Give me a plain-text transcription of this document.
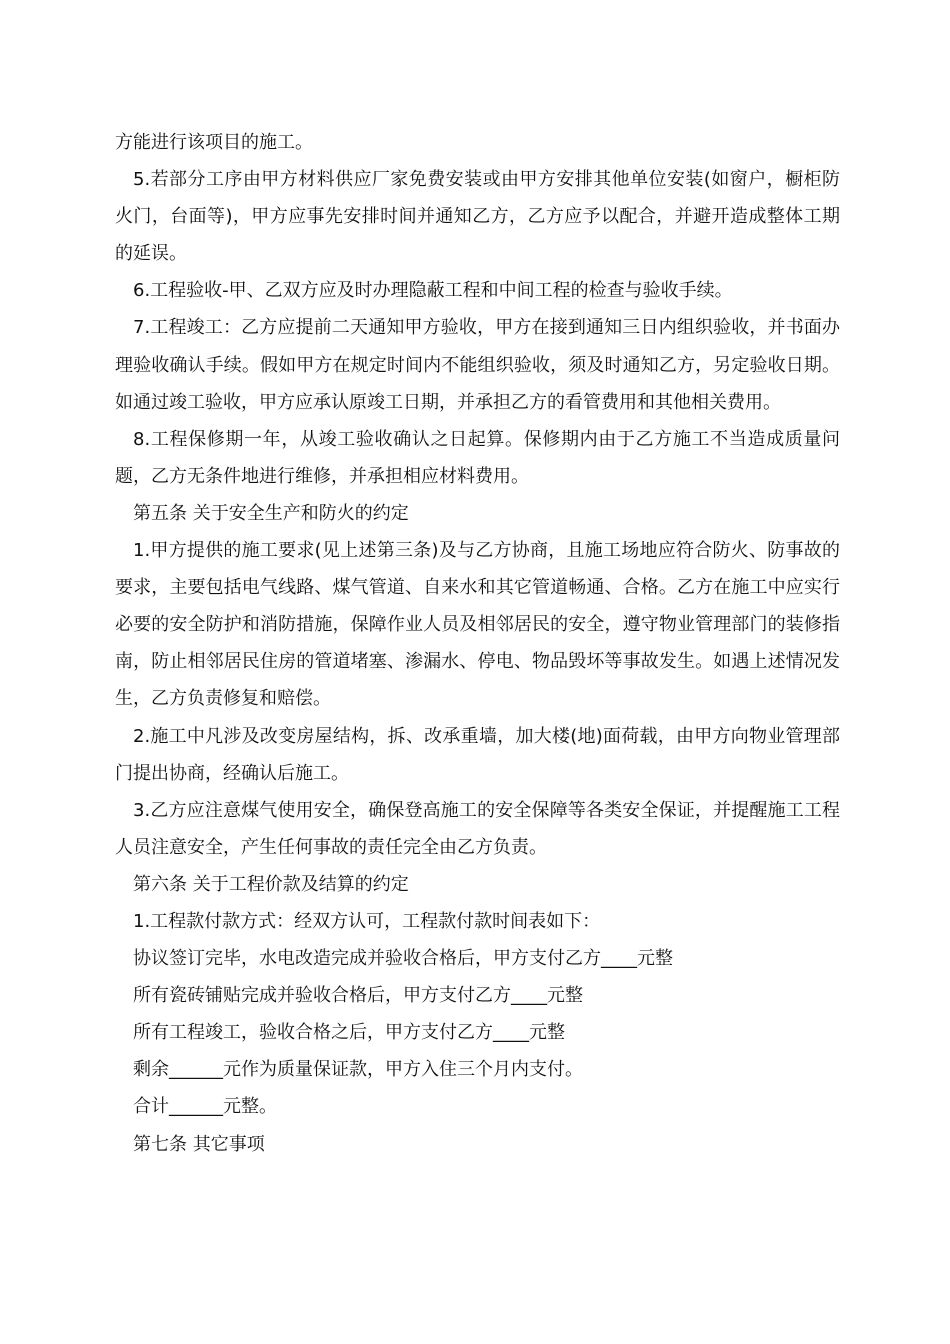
方能进行该项目的施工。

5.若部分工序由甲方材料供应厂家免费安装或由甲方安排其他单位安装(如窗户，橱柜防火门，台面等)，甲方应事先安排时间并通知乙方，乙方应予以配合，并避开造成整体工期的延误。

6.工程验收-甲、乙双方应及时办理隐蔽工程和中间工程的检查与验收手续。

7.工程竣工：乙方应提前二天通知甲方验收，甲方在接到通知三日内组织验收，并书面办理验收确认手续。假如甲方在规定时间内不能组织验收，须及时通知乙方，另定验收日期。如通过竣工验收，甲方应承认原竣工日期，并承担乙方的看管费用和其他相关费用。

8.工程保修期一年，从竣工验收确认之日起算。保修期内由于乙方施工不当造成质量问题，乙方无条件地进行维修，并承担相应材料费用。

第五条 关于安全生产和防火的约定

1.甲方提供的施工要求(见上述第三条)及与乙方协商，且施工场地应符合防火、防事故的要求，主要包括电气线路、煤气管道、自来水和其它管道畅通、合格。乙方在施工中应实行必要的安全防护和消防措施，保障作业人员及相邻居民的安全，遵守物业管理部门的装修指南，防止相邻居民住房的管道堵塞、渗漏水、停电、物品毁坏等事故发生。如遇上述情况发生，乙方负责修复和赔偿。

2.施工中凡涉及改变房屋结构，拆、改承重墙，加大楼(地)面荷载，由甲方向物业管理部门提出协商，经确认后施工。

3.乙方应注意煤气使用安全，确保登高施工的安全保障等各类安全保证，并提醒施工工程人员注意安全，产生任何事故的责任完全由乙方负责。

第六条 关于工程价款及结算的约定

1.工程款付款方式：经双方认可，工程款付款时间表如下：

协议签订完毕，水电改造完成并验收合格后，甲方支付乙方____元整

所有瓷砖铺贴完成并验收合格后，甲方支付乙方____元整

所有工程竣工，验收合格之后，甲方支付乙方____元整

剩余______元作为质量保证款，甲方入住三个月内支付。

合计______元整。

第七条 其它事项
